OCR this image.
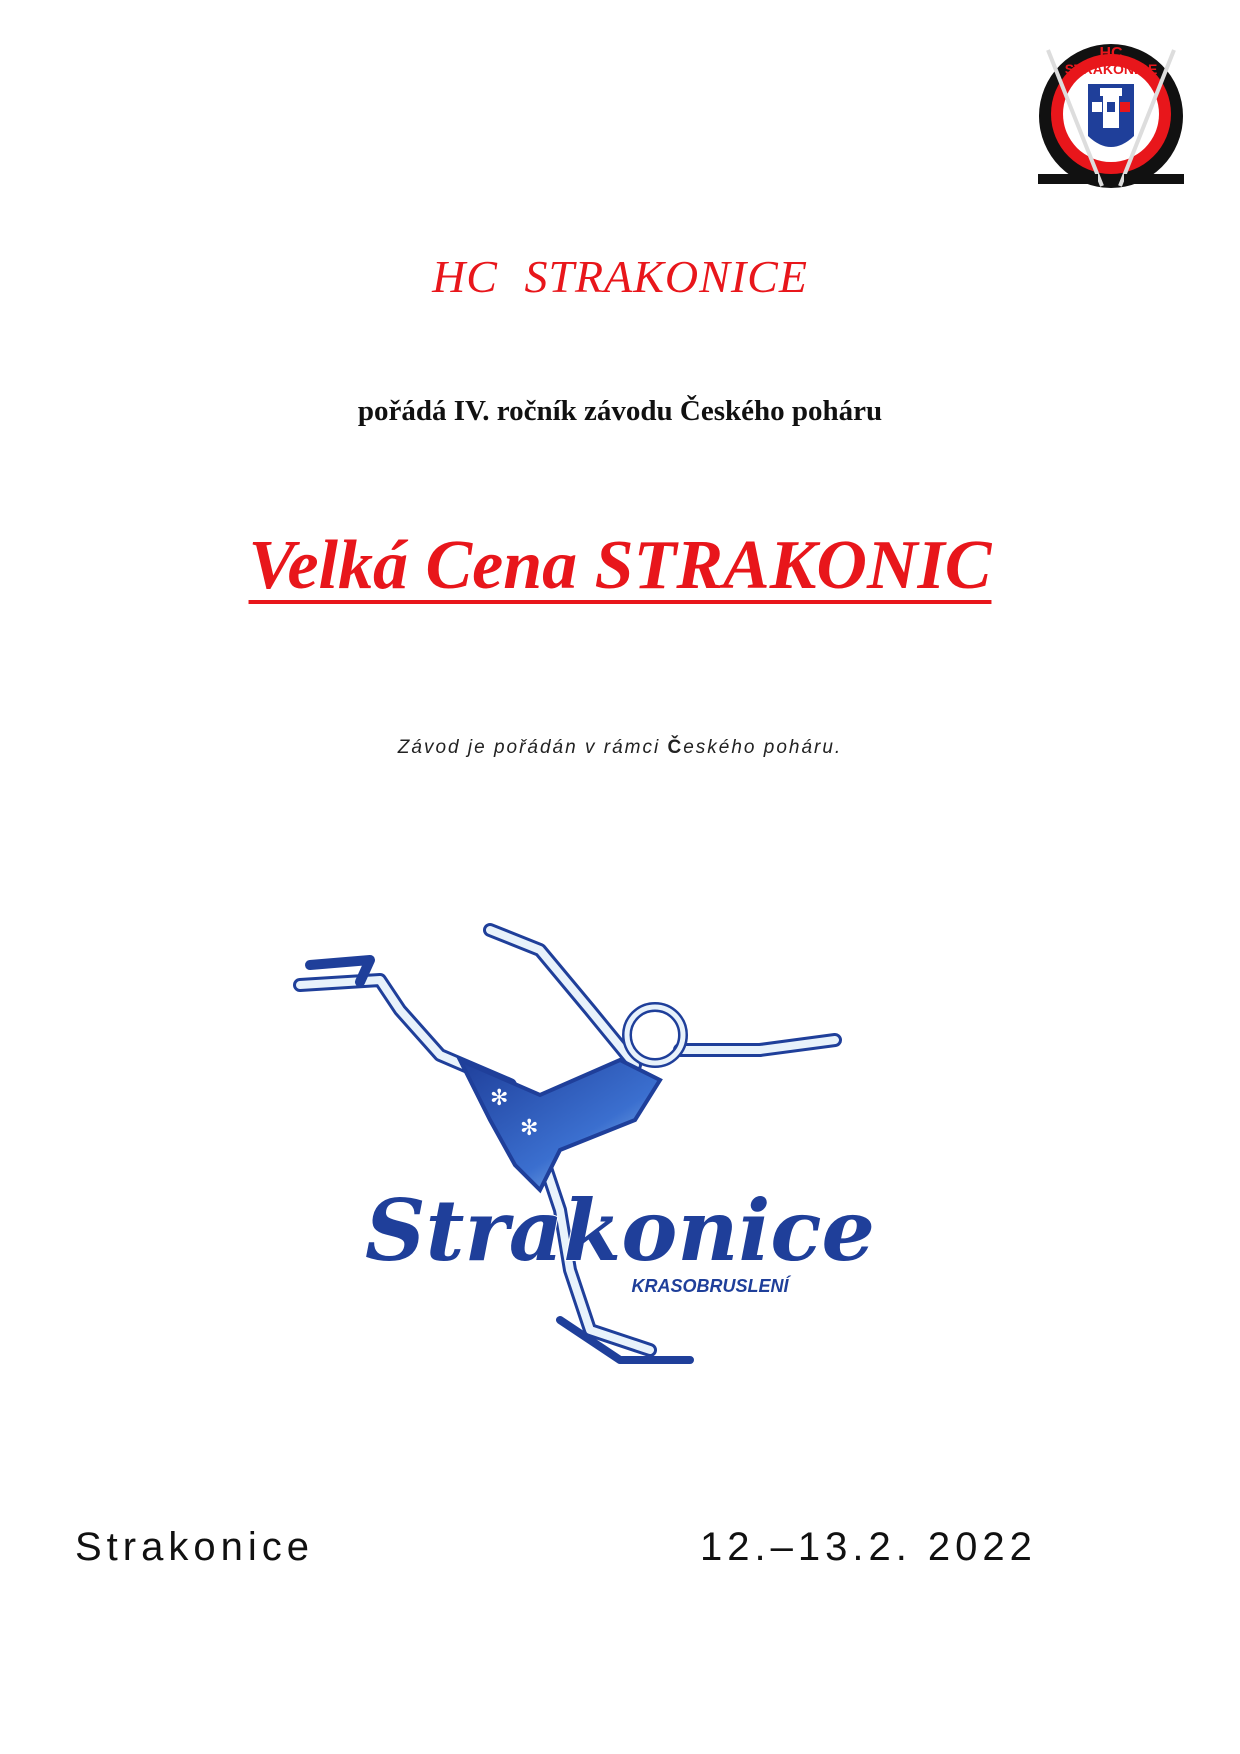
HC
STRAKONICE
HC STRAKONICE
pořádá IV. ročník závodu Českého poháru
Velká Cena STRAKONIC
Závod je pořádán v rámci Českého poháru.
✻
✻
Strakonice
KRASOBRUSLENÍ
Strakonice	12.–13.2. 2022
